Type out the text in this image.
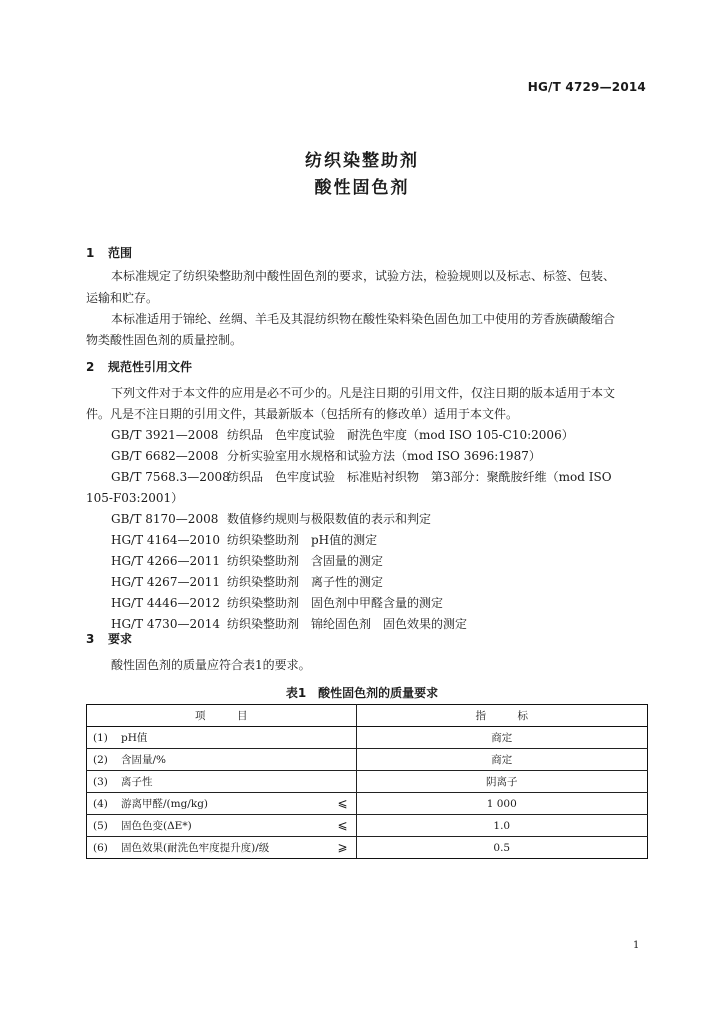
HG/T 4729—2014
纺织染整助剂
酸性固色剂
1 范围
本标准规定了纺织染整助剂中酸性固色剂的要求，试验方法，检验规则以及标志、标签、包装、
运输和贮存。
本标准适用于锦纶、丝绸、羊毛及其混纺织物在酸性染料染色固色加工中使用的芳香族磺酸缩合
物类酸性固色剂的质量控制。
2 规范性引用文件
下列文件对于本文件的应用是必不可少的。凡是注日期的引用文件，仅注日期的版本适用于本文
件。凡是不注日期的引用文件，其最新版本（包括所有的修改单）适用于本文件。
GB/T 3921—2008 纺织品　色牢度试验　耐洗色牢度（mod ISO 105-C10:2006）
GB/T 6682—2008 分析实验室用水规格和试验方法（mod ISO 3696:1987）
GB/T 7568.3—2008纺织品　色牢度试验　标准贴衬织物　第3部分：聚酰胺纤维（mod ISO
105-F03:2001）
GB/T 8170—2008 数值修约规则与极限数值的表示和判定
HG/T 4164—2010 纺织染整助剂　pH值的测定
HG/T 4266—2011 纺织染整助剂　含固量的测定
HG/T 4267—2011 纺织染整助剂　离子性的测定
HG/T 4446—2012 纺织染整助剂　固色剂中甲醛含量的测定
HG/T 4730—2014 纺织染整助剂　锦纶固色剂　固色效果的测定
3 要求
酸性固色剂的质量应符合表1的要求。
表1　酸性固色剂的质量要求
项　　　目	指　　　标
(1) pH值	商定
(2) 含固量/%	商定
(3) 离子性	阴离子
(4) 游离甲醛/(mg/kg) ⩽	1 000
(5) 固色色变(ΔE*) ⩽	1.0
(6) 固色效果(耐洗色牢度提升度)/级 ⩾	0.5
1
